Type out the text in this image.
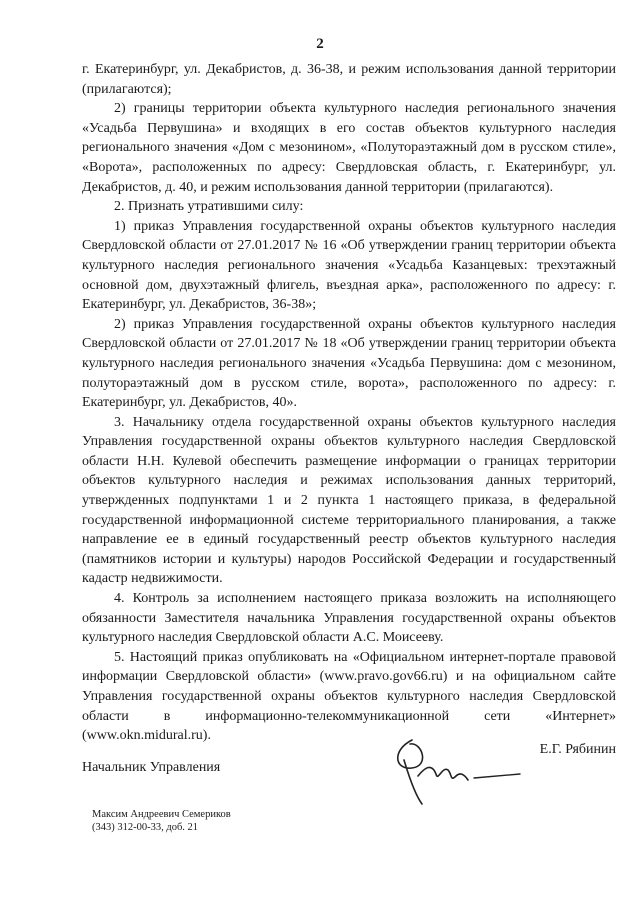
2

г. Екатеринбург, ул. Декабристов, д. 36-38, и режим использования данной территории (прилагаются);

2) границы территории объекта культурного наследия регионального значения «Усадьба Первушина» и входящих в его состав объектов культурного наследия регионального значения «Дом с мезонином», «Полутораэтажный дом в русском стиле», «Ворота», расположенных по адресу: Свердловская область, г. Екатеринбург, ул. Декабристов, д. 40, и режим использования данной территории (прилагаются).

2. Признать утратившими силу:

1) приказ Управления государственной охраны объектов культурного наследия Свердловской области от 27.01.2017 № 16 «Об утверждении границ территории объекта культурного наследия регионального значения «Усадьба Казанцевых: трехэтажный основной дом, двухэтажный флигель, въездная арка», расположенного по адресу: г. Екатеринбург, ул. Декабристов, 36-38»;

2) приказ Управления государственной охраны объектов культурного наследия Свердловской области от 27.01.2017 № 18 «Об утверждении границ территории объекта культурного наследия регионального значения «Усадьба Первушина: дом с мезонином, полутораэтажный дом в русском стиле, ворота», расположенного по адресу: г. Екатеринбург, ул. Декабристов, 40».

3. Начальнику отдела государственной охраны объектов культурного наследия Управления государственной охраны объектов культурного наследия Свердловской области Н.Н. Кулевой обеспечить размещение информации о границах территории объектов культурного наследия и режимах использования данных территорий, утвержденных подпунктами 1 и 2 пункта 1 настоящего приказа, в федеральной государственной информационной системе территориального планирования, а также направление ее в единый государственный реестр объектов культурного наследия (памятников истории и культуры) народов Российской Федерации и государственный кадастр недвижимости.

4. Контроль за исполнением настоящего приказа возложить на исполняющего обязанности Заместителя начальника Управления государственной охраны объектов культурного наследия Свердловской области А.С. Моисееву.

5. Настоящий приказ опубликовать на «Официальном интернет-портале правовой информации Свердловской области» (www.pravo.gov66.ru) и на официальном сайте Управления государственной охраны объектов культурного наследия Свердловской области в информационно-телекоммуникационной сети «Интернет» (www.okn.midural.ru).

Начальник Управления
Е.Г. Рябинин
Максим Андреевич Семериков
(343) 312-00-33, доб. 21
